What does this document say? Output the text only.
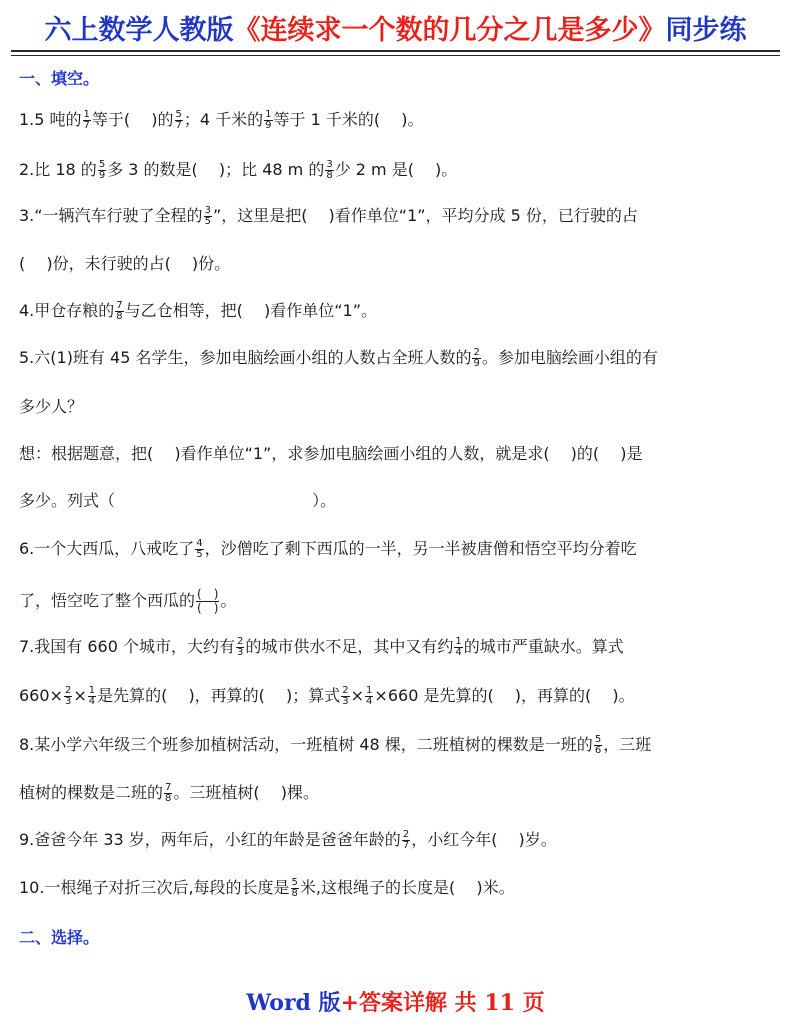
六上数学人教版《连续求一个数的几分之几是多少》同步练
一、填空。
1.5 吨的 $\frac{1}{7}$ 等于(　 )的 $\frac{5}{7}$ ；4 千米的 $\frac{1}{9}$ 等于 1 千米的(　 )。
2.比 18 的 $\frac{5}{9}$ 多 3 的数是(　 )；比 48 m 的 $\frac{3}{8}$ 少 2 m 是(　 )。
3.“一辆汽车行驶了全程的 $\frac{3}{5}$ ”，这里是把(　 )看作单位“1”，平均分成 5 份，已行驶的占
(　 )份，未行驶的占(　 )份。
4.甲仓存粮的 $\frac{7}{8}$ 与乙仓相等，把(　 )看作单位“1”。
5.六(1)班有 45 名学生，参加电脑绘画小组的人数占全班人数的 $\frac{2}{9}$ 。参加电脑绘画小组的有
多少人？
想：根据题意，把(　 )看作单位“1”，求参加电脑绘画小组的人数，就是求(　 )的(　 )是
多少。列式（　　　　　　　　　　　　 ）。
6.一个大西瓜，八戒吃了 $\frac{4}{5}$ ，沙僧吃了剩下西瓜的一半，另一半被唐僧和悟空平均分着吃
了，悟空吃了整个西瓜的 $\frac{( )}{( )}$ 。
7.我国有 660 个城市，大约有 $\frac{2}{3}$ 的城市供水不足，其中又有约 $\frac{1}{4}$ 的城市严重缺水。算式
$660\times \frac{2}{3} \times \frac{1}{4}$ 是先算的(　 )，再算的(　 )；算式 $\frac{2}{3} \times \frac{1}{4} \times 660$ 是先算的(　 )，再算的(　 )。
8.某小学六年级三个班参加植树活动，一班植树 48 棵，二班植树的棵数是一班的 $\frac{5}{6}$ ，三班
植树的棵数是二班的 $\frac{7}{8}$ 。三班植树(　 )棵。
9.爸爸今年 33 岁，两年后，小红的年龄是爸爸年龄的 $\frac{2}{7}$ ，小红今年(　 )岁。
10.一根绳子对折三次后,每段的长度是 $\frac{5}{8}$ 米,这根绳子的长度是(　 )米。
二、选择。
Word 版+答案详解 共 11 页
